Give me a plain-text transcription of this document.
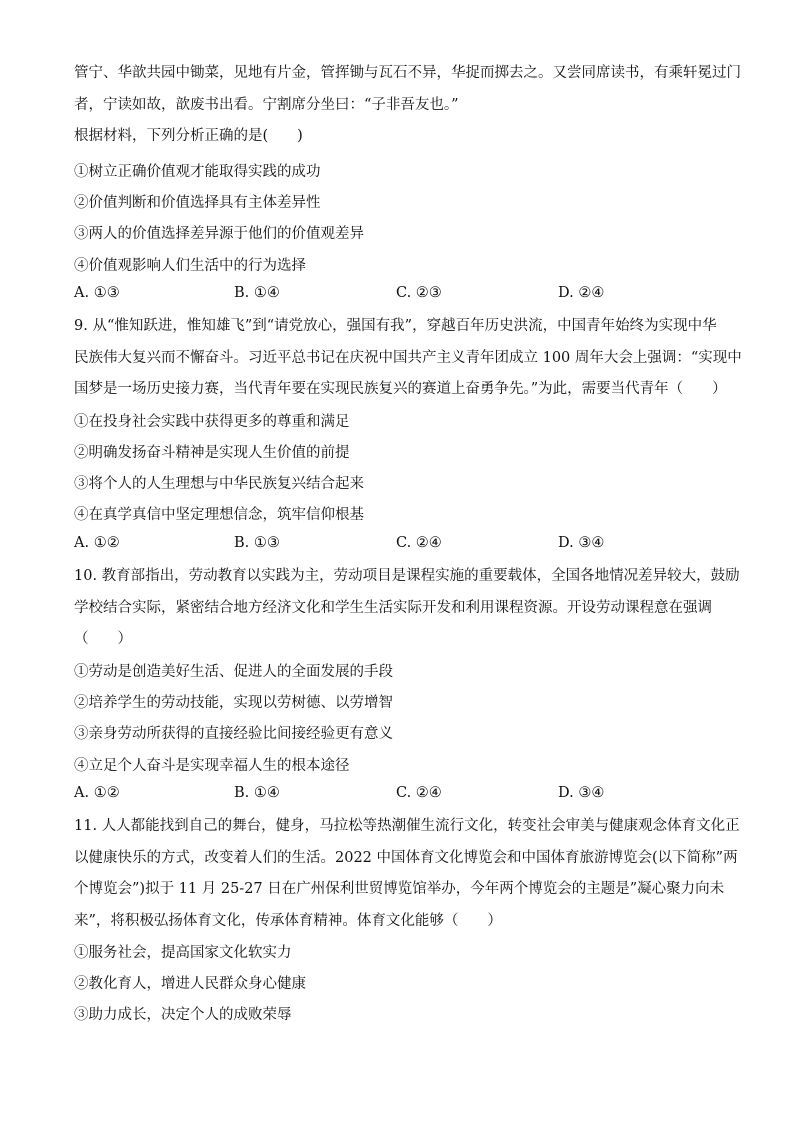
管宁、华歆共园中锄菜，见地有片金，管挥锄与瓦石不异，华捉而掷去之。又尝同席读书，有乘轩冕过门
者，宁读如故，歆废书出看。宁割席分坐曰：“子非吾友也。”
根据材料，下列分析正确的是(　　)
①树立正确价值观才能取得实践的成功
②价值判断和价值选择具有主体差异性
③两人的价值选择差异源于他们的价值观差异
④价值观影响人们生活中的行为选择
A. ①③	B. ①④	C. ②③	D. ②④
9. 从“惟知跃进，惟知雄飞”到“请党放心，强国有我”，穿越百年历史洪流，中国青年始终为实现中华
民族伟大复兴而不懈奋斗。习近平总书记在庆祝中国共产主义青年团成立 100 周年大会上强调：“实现中
国梦是一场历史接力赛，当代青年要在实现民族复兴的赛道上奋勇争先。”为此，需要当代青年（　　）
①在投身社会实践中获得更多的尊重和满足
②明确发扬奋斗精神是实现人生价值的前提
③将个人的人生理想与中华民族复兴结合起来
④在真学真信中坚定理想信念，筑牢信仰根基
A. ①②	B. ①③	C. ②④	D. ③④
10. 教育部指出，劳动教育以实践为主，劳动项目是课程实施的重要载体，全国各地情况差异较大，鼓励
学校结合实际，紧密结合地方经济文化和学生生活实际开发和利用课程资源。开设劳动课程意在强调
（　　）
①劳动是创造美好生活、促进人的全面发展的手段
②培养学生的劳动技能，实现以劳树德、以劳增智
③亲身劳动所获得的直接经验比间接经验更有意义
④立足个人奋斗是实现幸福人生的根本途径
A. ①②	B. ①④	C. ②④	D. ③④
11. 人人都能找到自己的舞台，健身，马拉松等热潮催生流行文化，转变社会审美与健康观念体育文化正
以健康快乐的方式，改变着人们的生活。2022 中国体育文化博览会和中国体育旅游博览会(以下简称”两
个博览会”)拟于 11 月 25-27 日在广州保利世贸博览馆举办，今年两个博览会的主题是”凝心聚力向未
来”，将积极弘扬体育文化，传承体育精神。体育文化能够（　　）
①服务社会，提高国家文化软实力
②教化育人，增进人民群众身心健康
③助力成长，决定个人的成败荣辱
